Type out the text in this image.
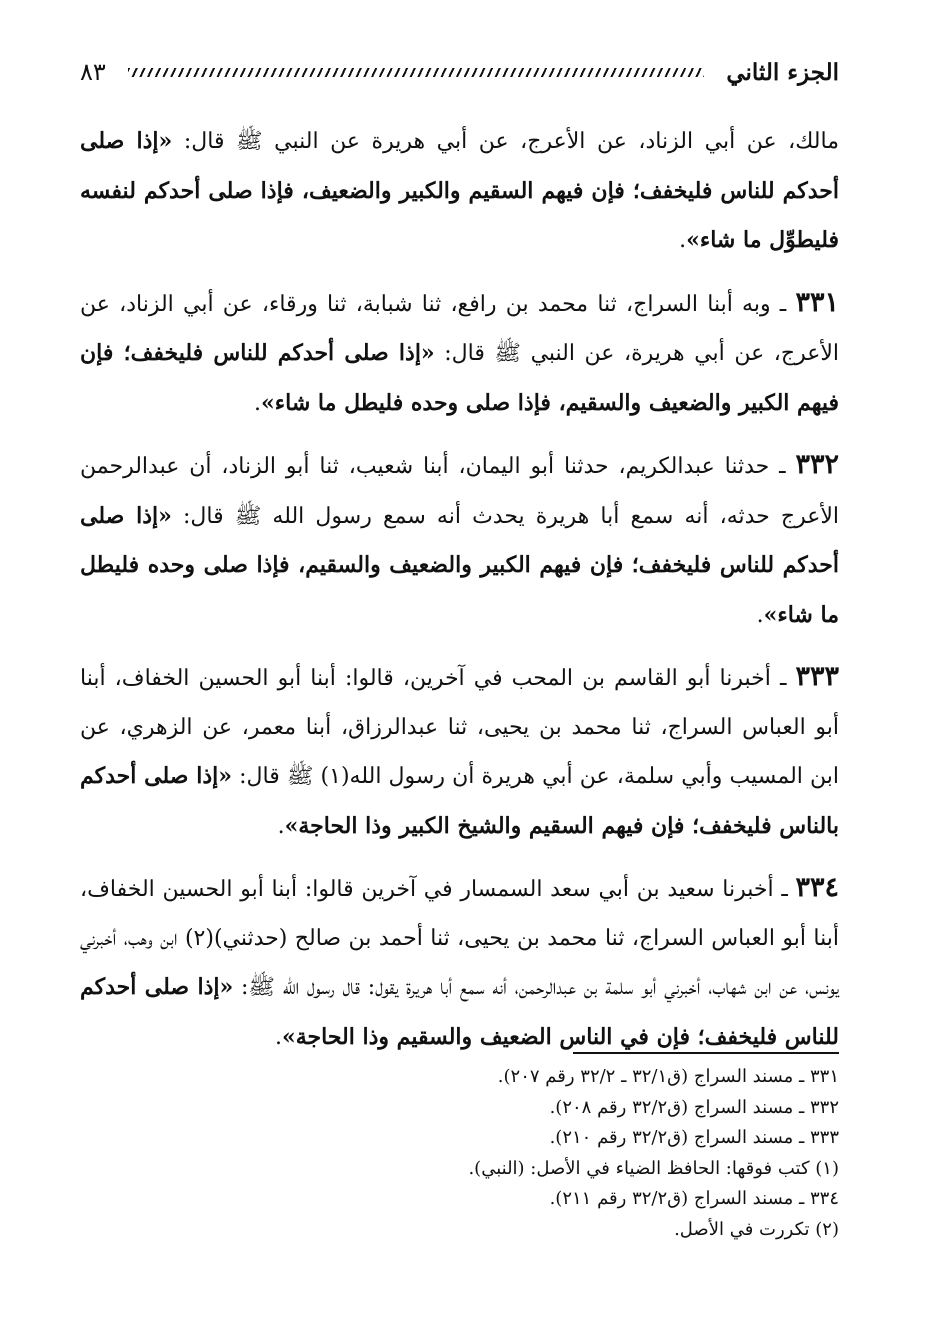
الجزء الثاني
٨٣

مالك، عن أبي الزناد، عن الأعرج، عن أبي هريرة عن النبي ﷺ قال: «إذا صلى أحدكم للناس فليخفف؛ فإن فيهم السقيم والكبير والضعيف، فإذا صلى أحدكم لنفسه فليطوِّل ما شاء».

٣٣١ ـ وبه أبنا السراج، ثنا محمد بن رافع، ثنا شبابة، ثنا ورقاء، عن أبي الزناد، عن الأعرج، عن أبي هريرة، عن النبي ﷺ قال: «إذا صلى أحدكم للناس فليخفف؛ فإن فيهم الكبير والضعيف والسقيم، فإذا صلى وحده فليطل ما شاء».

٣٣٢ ـ حدثنا عبدالكريم، حدثنا أبو اليمان، أبنا شعيب، ثنا أبو الزناد، أن عبدالرحمن الأعرج حدثه، أنه سمع أبا هريرة يحدث أنه سمع رسول الله ﷺ قال: «إذا صلى أحدكم للناس فليخفف؛ فإن فيهم الكبير والضعيف والسقيم، فإذا صلى وحده فليطل ما شاء».

٣٣٣ ـ أخبرنا أبو القاسم بن المحب في آخرين، قالوا: أبنا أبو الحسين الخفاف، أبنا أبو العباس السراج، ثنا محمد بن يحيى، ثنا عبدالرزاق، أبنا معمر، عن الزهري، عن ابن المسيب وأبي سلمة، عن أبي هريرة أن رسول الله(١) ﷺ قال: «إذا صلى أحدكم بالناس فليخفف؛ فإن فيهم السقيم والشيخ الكبير وذا الحاجة».

٣٣٤ ـ أخبرنا سعيد بن أبي سعد السمسار في آخرين قالوا: أبنا أبو الحسين الخفاف، أبنا أبو العباس السراج، ثنا محمد بن يحيى، ثنا أحمد بن صالح (حدثني)(٢) ابن وهب، أخبرني يونس، عن ابن شهاب، أخبرني أبو سلمة بن عبدالرحمن، أنه سمع أبا هريرة يقول: قال رسول الله ﷺ: «إذا صلى أحدكم للناس فليخفف؛ فإن في الناس الضعيف والسقيم وذا الحاجة».

٣٣١ ـ مسند السراج (ق٣٢/١ ـ ٣٢/٢ رقم ٢٠٧).
٣٣٢ ـ مسند السراج (ق٣٢/٢ رقم ٢٠٨).
٣٣٣ ـ مسند السراج (ق٣٢/٢ رقم ٢١٠).
(١) كتب فوقها: الحافظ الضياء في الأصل: (النبي).
٣٣٤ ـ مسند السراج (ق٣٢/٢ رقم ٢١١).
(٢) تكررت في الأصل.
